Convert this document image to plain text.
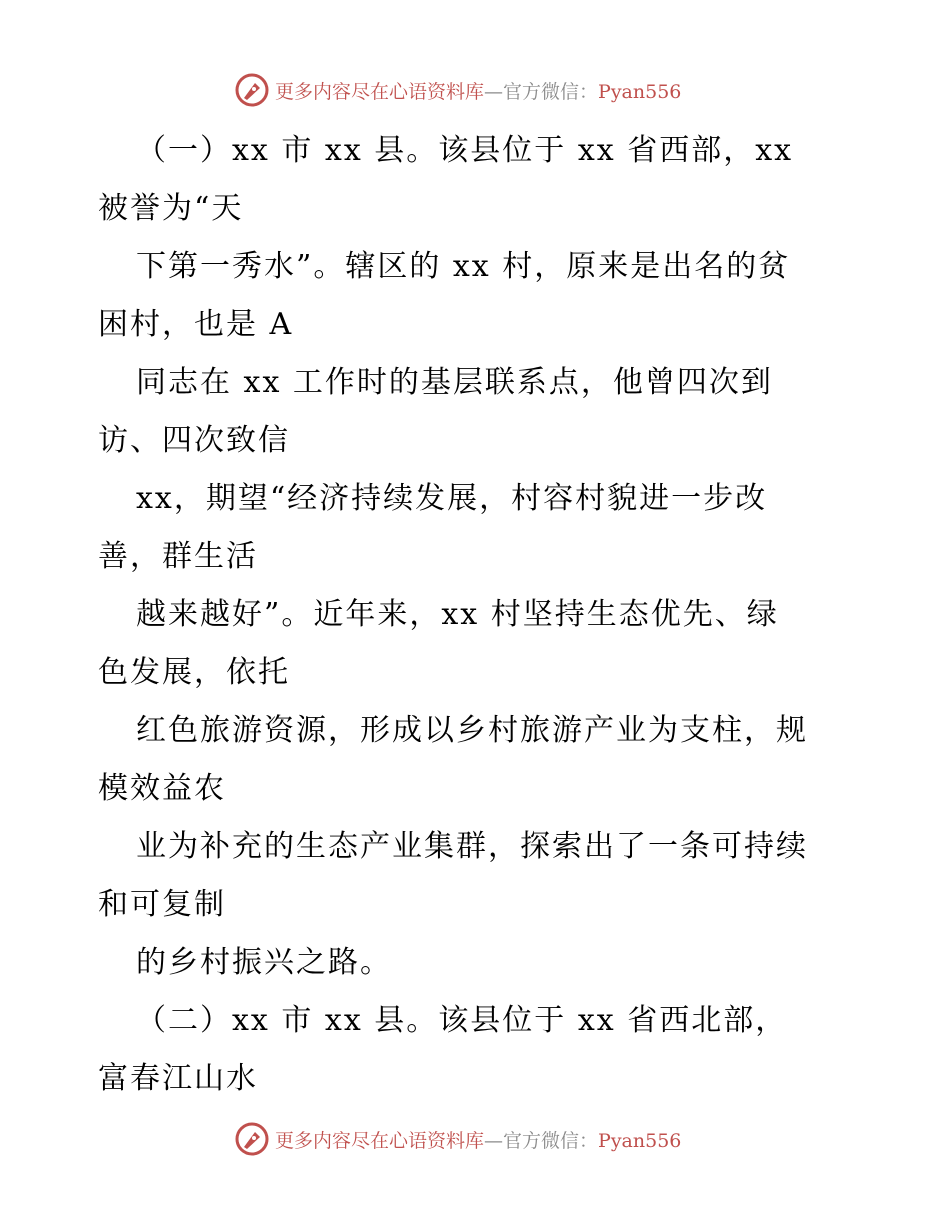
更多内容尽在心语资料库—官方微信：Pyan556
（一）xx 市 xx 县。该县位于 xx 省西部，xx
被誉为“天
下第一秀水”。辖区的 xx 村，原来是出名的贫
困村，也是 A
同志在 xx 工作时的基层联系点，他曾四次到
访、四次致信
xx，期望“经济持续发展，村容村貌进一步改
善，群生活
越来越好”。近年来，xx 村坚持生态优先、绿
色发展，依托
红色旅游资源，形成以乡村旅游产业为支柱，规
模效益农
业为补充的生态产业集群，探索出了一条可持续
和可复制
的乡村振兴之路。
（二）xx 市 xx 县。该县位于 xx 省西北部，
富春江山水
更多内容尽在心语资料库—官方微信：Pyan556
